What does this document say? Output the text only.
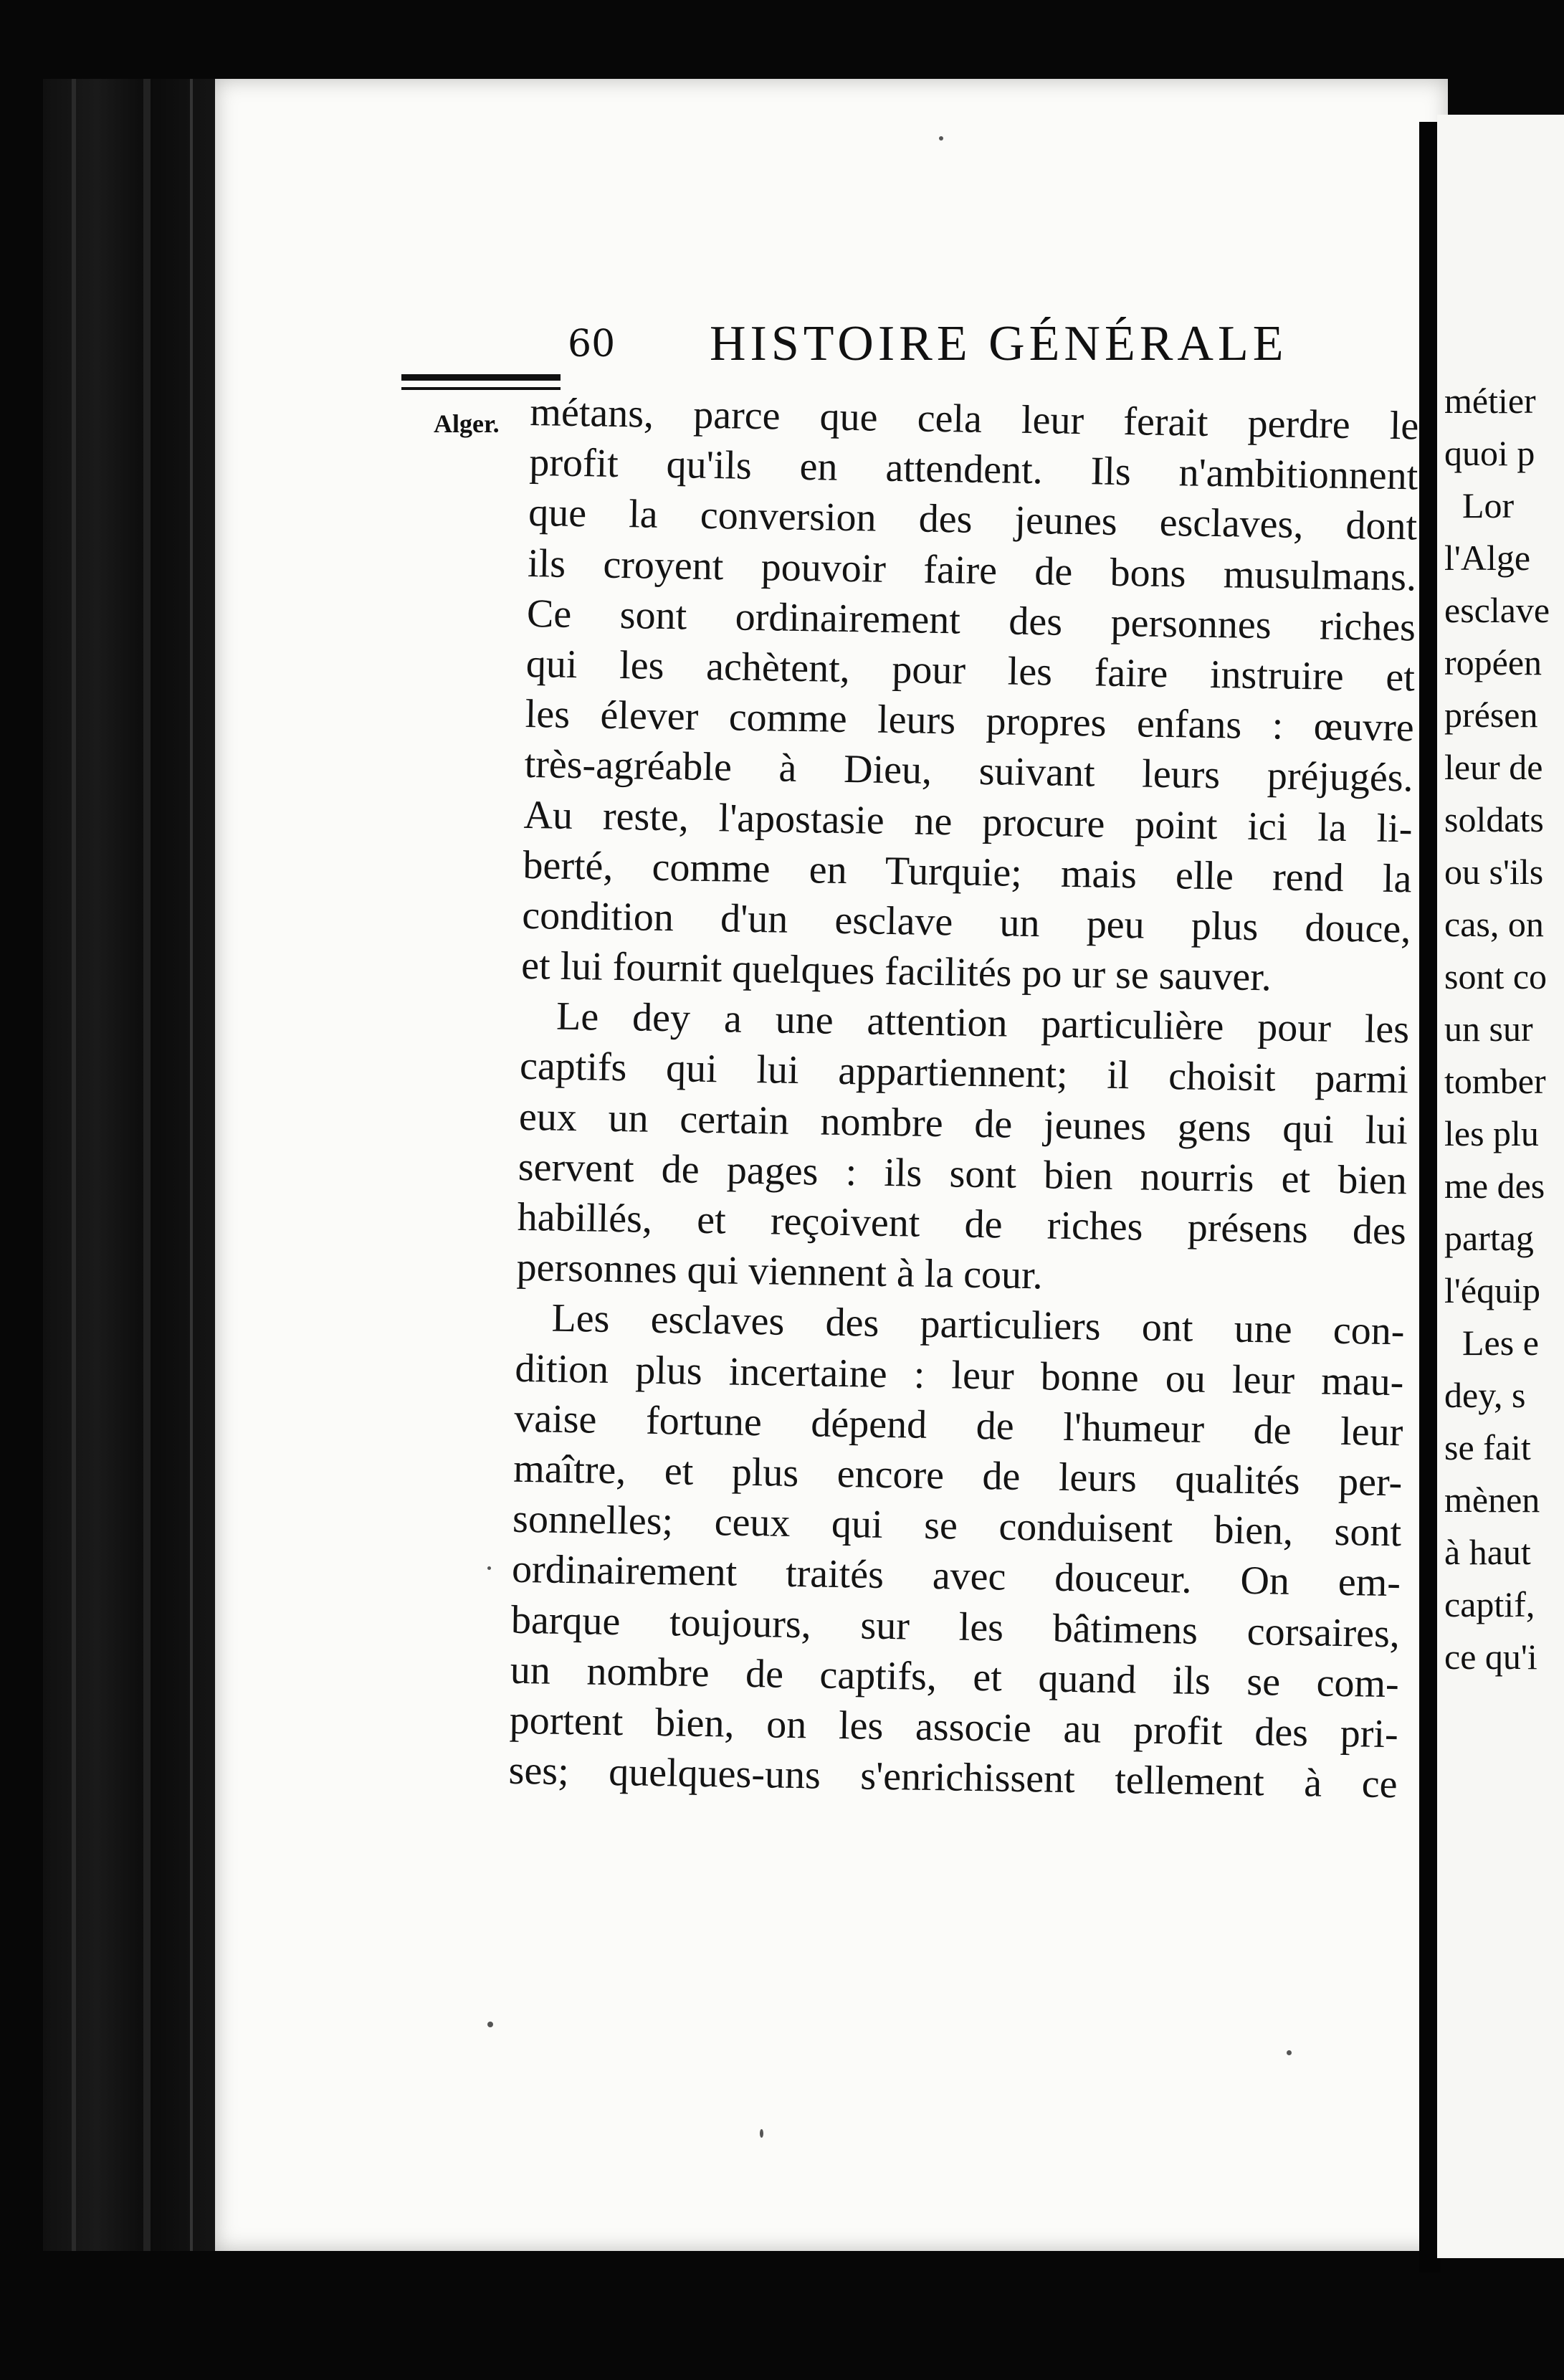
60 HISTOIRE GÉNÉRALE
Alger. métans, parce que cela leur ferait perdre le
profit qu'ils en attendent. Ils n'ambitionnent
que la conversion des jeunes esclaves, dont
ils croyent pouvoir faire de bons musulmans.
Ce sont ordinairement des personnes riches
qui les achètent, pour les faire instruire et
les élever comme leurs propres enfans : œuvre
très-agréable à Dieu, suivant leurs préjugés.
Au reste, l'apostasie ne procure point ici la li-
berté, comme en Turquie; mais elle rend la
condition d'un esclave un peu plus douce,
et lui fournit quelques facilités po ur se sauver.
Le dey a une attention particulière pour les
captifs qui lui appartiennent; il choisit parmi
eux un certain nombre de jeunes gens qui lui
servent de pages : ils sont bien nourris et bien
habillés, et reçoivent de riches présens des
personnes qui viennent à la cour.
Les esclaves des particuliers ont une con-
dition plus incertaine : leur bonne ou leur mau-
vaise fortune dépend de l'humeur de leur
maître, et plus encore de leurs qualités per-
sonnelles; ceux qui se conduisent bien, sont
ordinairement traités avec douceur. On em-
barque toujours, sur les bâtimens corsaires,
un nombre de captifs, et quand ils se com-
portent bien, on les associe au profit des pri-
ses; quelques-uns s'enrichissent tellement à ce
métier
quoi p
Lor
l'Alge
esclave
ropéen
présen
leur de
soldats
ou s'ils
cas, on
sont co
un sur
tomber
les plu
me des
partag
l'équip
Les e
dey, s
se fait
mènen
à haut
captif,
ce qu'i
